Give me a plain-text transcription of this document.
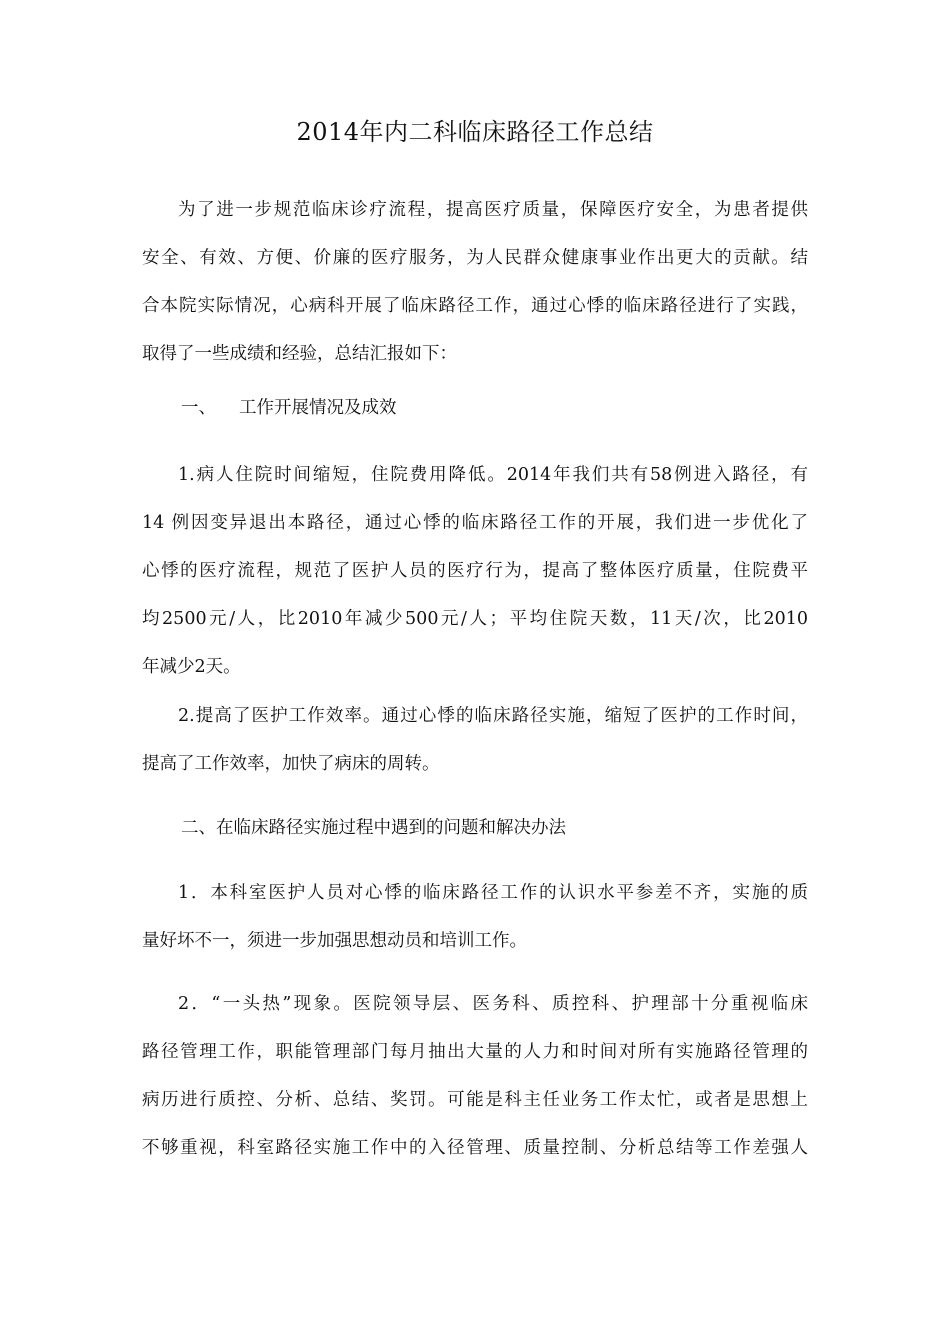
2014年内二科临床路径工作总结
为了进一步规范临床诊疗流程，提高医疗质量，保障医疗安全，为患者提供
安全、有效、方便、价廉的医疗服务，为人民群众健康事业作出更大的贡献。结
合本院实际情况，心病科开展了临床路径工作，通过心悸的临床路径进行了实践，
取得了一些成绩和经验，总结汇报如下：
一、 工作开展情况及成效
1.病人住院时间缩短，住院费用降低。2014年我们共有58例进入路径，有
14 例因变异退出本路径，通过心悸的临床路径工作的开展，我们进一步优化了
心悸的医疗流程，规范了医护人员的医疗行为，提高了整体医疗质量，住院费平
均2500元/人，比2010年减少500元/人；平均住院天数，11天/次，比2010
年减少2天。
2.提高了医护工作效率。通过心悸的临床路径实施，缩短了医护的工作时间，
提高了工作效率，加快了病床的周转。
二、在临床路径实施过程中遇到的问题和解决办法
1．本科室医护人员对心悸的临床路径工作的认识水平参差不齐，实施的质
量好坏不一，须进一步加强思想动员和培训工作。
2．“一头热”现象。医院领导层、医务科、质控科、护理部十分重视临床
路径管理工作，职能管理部门每月抽出大量的人力和时间对所有实施路径管理的
病历进行质控、分析、总结、奖罚。可能是科主任业务工作太忙，或者是思想上
不够重视，科室路径实施工作中的入径管理、质量控制、分析总结等工作差强人
